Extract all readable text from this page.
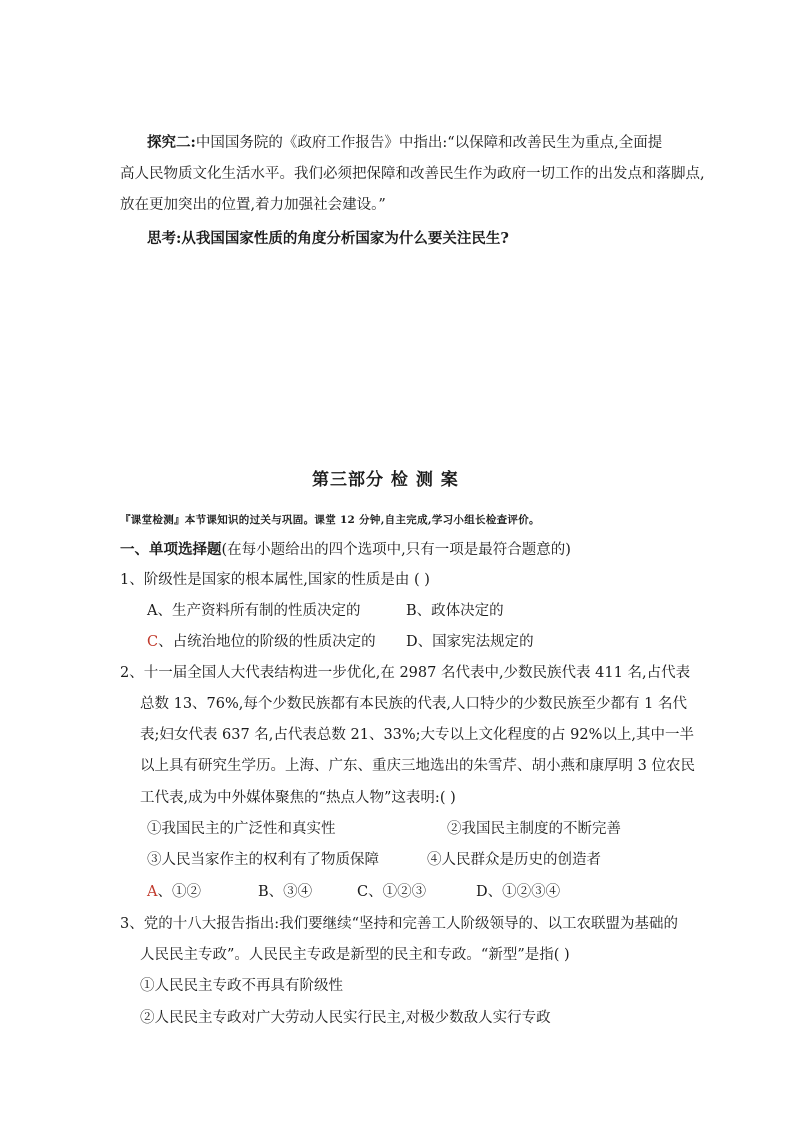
探究二:中国国务院的《政府工作报告》中指出:“以保障和改善民生为重点,全面提
高人民物质文化生活水平。我们必须把保障和改善民生作为政府一切工作的出发点和落脚点,
放在更加突出的位置,着力加强社会建设。”
思考:从我国国家性质的角度分析国家为什么要关注民生?
第三部分 检 测 案
『课堂检测』本节课知识的过关与巩固。课堂 12 分钟,自主完成,学习小组长检查评价。
一、单项选择题(在每小题给出的四个选项中,只有一项是最符合题意的)
1、阶级性是国家的根本属性,国家的性质是由 ( )
A、生产资料所有制的性质决定的	B、政体决定的
C、占统治地位的阶级的性质决定的 D、国家宪法规定的
2、十一届全国人大代表结构进一步优化,在 2987 名代表中,少数民族代表 411 名,占代表
总数 13、76%,每个少数民族都有本民族的代表,人口特少的少数民族至少都有 1 名代
表;妇女代表 637 名,占代表总数 21、33%;大专以上文化程度的占 92%以上,其中一半
以上具有研究生学历。上海、广东、重庆三地选出的朱雪芹、胡小燕和康厚明 3 位农民
工代表,成为中外媒体聚焦的“热点人物”这表明:( )
①我国民主的广泛性和真实性	②我国民主制度的不断完善
③人民当家作主的权利有了物质保障	④人民群众是历史的创造者
A、①②	B、③④	C、①②③	D、①②③④
3、党的十八大报告指出:我们要继续“坚持和完善工人阶级领导的、以工农联盟为基础的
人民民主专政”。人民民主专政是新型的民主和专政。“新型”是指( )
①人民民主专政不再具有阶级性
②人民民主专政对广大劳动人民实行民主,对极少数敌人实行专政
